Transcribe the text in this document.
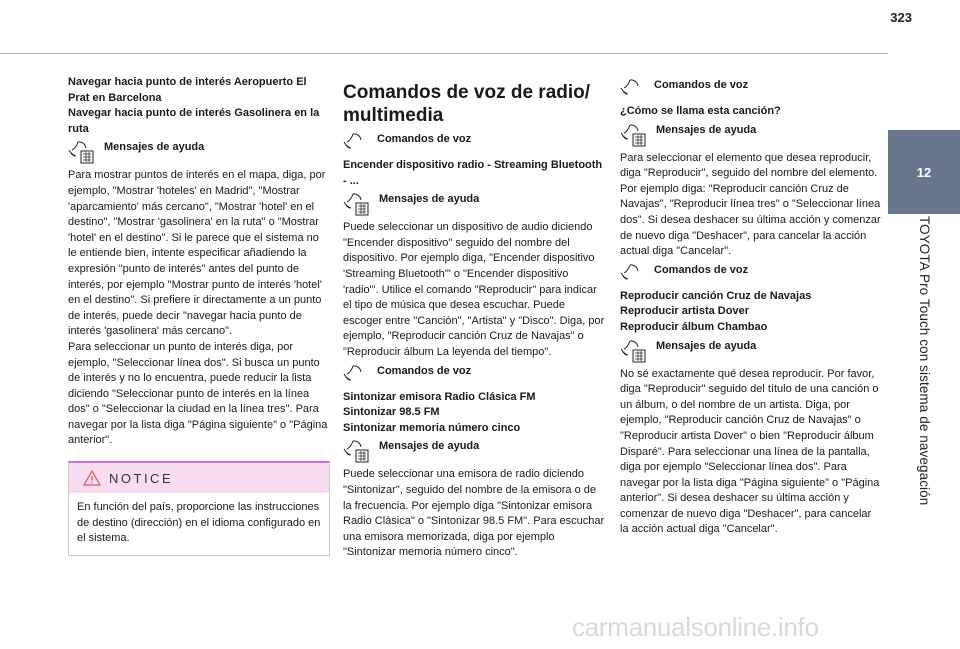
323
12
TOYOTA Pro Touch con sistema de navegación

Navegar hacia punto de interés Aeropuerto El Prat en Barcelona
Navegar hacia punto de interés Gasolinera en la ruta

Mensajes de ayuda

Para mostrar puntos de interés en el mapa, diga, por ejemplo, "Mostrar 'hoteles' en Madrid", "Mostrar 'aparcamiento' más cercano", "Mostrar 'hotel' en el destino", "Mostrar 'gasolinera' en la ruta" o "Mostrar 'hotel' en el destino". Si le parece que el sistema no le entiende bien, intente especificar añadiendo la expresión "punto de interés" antes del punto de interés, por ejemplo "Mostrar punto de interés 'hotel' en el destino". Si prefiere ir directamente a un punto de interés, puede decir "navegar hacia punto de interés 'gasolinera' más cercano".

Para seleccionar un punto de interés diga, por ejemplo, "Seleccionar línea dos". Si busca un punto de interés y no lo encuentra, puede reducir la lista diciendo "Seleccionar punto de interés en la línea dos" o "Seleccionar la ciudad en la línea tres". Para navegar por la lista diga "Página siguiente" o "Página anterior".

NOTICE
En función del país, proporcione las instrucciones de destino (dirección) en el idioma configurado en el sistema.
Comandos de voz de radio/ multimedia
Comandos de voz

Encender dispositivo radio - Streaming Bluetooth - ...

Mensajes de ayuda

Puede seleccionar un dispositivo de audio diciendo "Encender dispositivo" seguido del nombre del dispositivo. Por ejemplo diga, "Encender dispositivo 'Streaming Bluetooth'" o "Encender dispositivo 'radio'". Utilice el comando "Reproducir" para indicar el tipo de música que desea escuchar. Puede escoger entre "Canción", "Artista" y "Disco". Diga, por ejemplo, "Reproducir canción Cruz de Navajas" o "Reproducir álbum La leyenda del tiempo".

Comandos de voz

Sintonizar emisora Radio Clásica FM
Sintonizar 98.5 FM
Sintonizar memoria número cinco

Mensajes de ayuda

Puede seleccionar una emisora de radio diciendo "Sintonizar", seguido del nombre de la emisora o de la frecuencia. Por ejemplo diga "Sintonizar emisora Radio Clásica" o "Sintonizar 98.5 FM". Para escuchar una emisora memorizada, diga por ejemplo "Sintonizar memoria número cinco".

Comandos de voz

¿Cómo se llama esta canción?

Mensajes de ayuda

Para seleccionar el elemento que desea reproducir, diga "Reproducir", seguido del nombre del elemento. Por ejemplo diga: "Reproducir canción Cruz de Navajas", "Reproducir línea tres" o "Seleccionar línea dos". Si desea deshacer su última acción y comenzar de nuevo diga "Deshacer", para cancelar la acción actual diga "Cancelar".

Comandos de voz

Reproducir canción Cruz de Navajas
Reproducir artista Dover
Reproducir álbum Chambao

Mensajes de ayuda

No sé exactamente qué desea reproducir. Por favor, diga "Reproducir" seguido del título de una canción o un álbum, o del nombre de un artista. Diga, por ejemplo, "Reproducir canción Cruz de Navajas" o "Reproducir artista Dover" o bien "Reproducir álbum Disparé". Para seleccionar una línea de la pantalla, diga por ejemplo "Seleccionar línea dos". Para navegar por la lista diga "Página siguiente" o "Página anterior". Si desea deshacer su última acción y comenzar de nuevo diga "Deshacer", para cancelar la acción actual diga "Cancelar".

carmanualsonline.info
